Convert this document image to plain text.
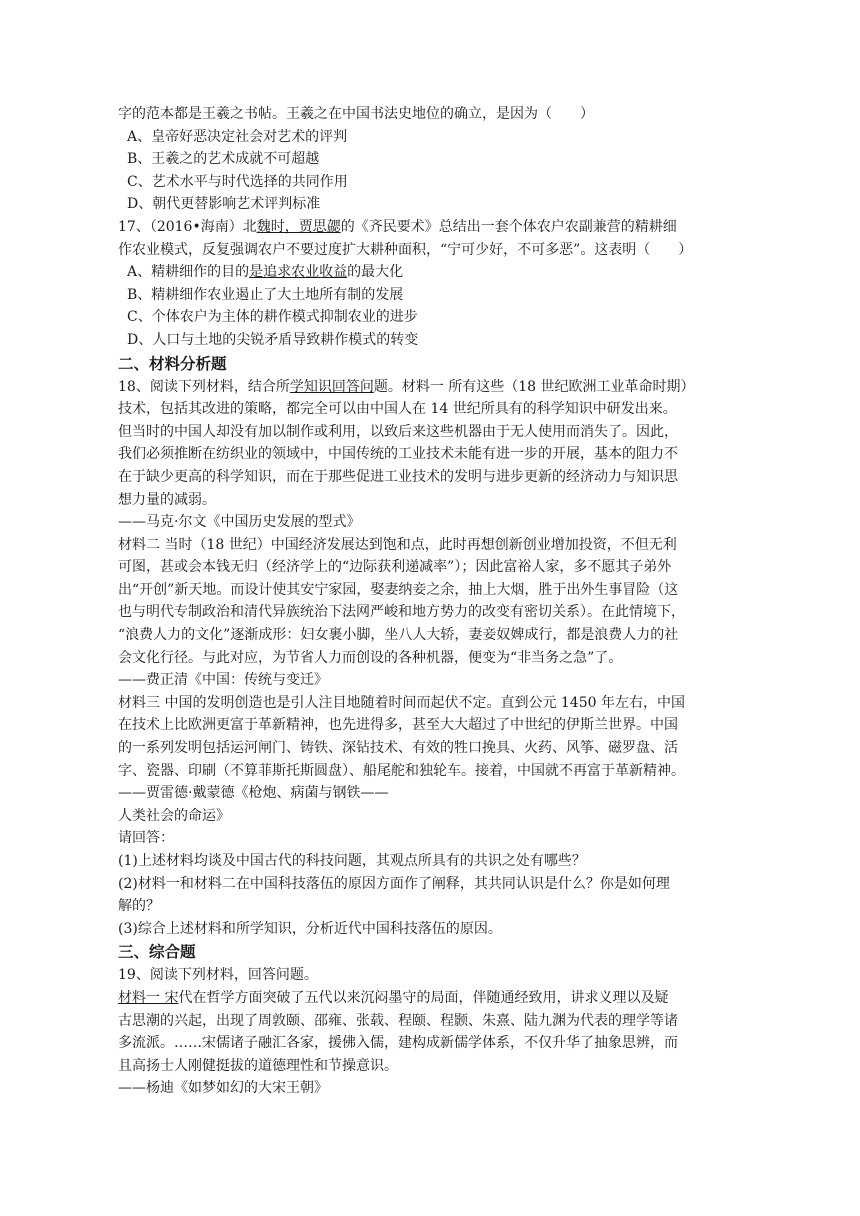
字的范本都是王羲之书帖。王羲之在中国书法史地位的确立，是因为（　　）

A、皇帝好恶决定社会对艺术的评判

B、王羲之的艺术成就不可超越

C、艺术水平与时代选择的共同作用

D、朝代更替影响艺术评判标准

17、（2016•海南）北魏时，贾思勰的《齐民要术》总结出一套个体农户农副兼营的精耕细

作农业模式，反复强调农户不要过度扩大耕种面积，“宁可少好，不可多恶”。这表明（　　）

A、精耕细作的目的是追求农业收益的最大化

B、精耕细作农业遏止了大土地所有制的发展

C、个体农户为主体的耕作模式抑制农业的进步

D、人口与土地的尖锐矛盾导致耕作模式的转变

二、材料分析题

18、阅读下列材料，结合所学知识回答问题。材料一 所有这些（18 世纪欧洲工业革命时期）

技术，包括其改进的策略，都完全可以由中国人在 14 世纪所具有的科学知识中研发出来。

但当时的中国人却没有加以制作或利用，以致后来这些机器由于无人使用而消失了。因此，

我们必须推断在纺织业的领域中，中国传统的工业技术未能有进一步的开展，基本的阻力不

在于缺少更高的科学知识，而在于那些促进工业技术的发明与进步更新的经济动力与知识思

想力量的减弱。

——马克·尔文《中国历史发展的型式》

材料二 当时（18 世纪）中国经济发展达到饱和点，此时再想创新创业增加投资，不但无利

可图，甚或会本钱无归（经济学上的“边际获利递减率”）；因此富裕人家，多不愿其子弟外

出“开创”新天地。而设计使其安宁家园，娶妻纳妾之余，抽上大烟，胜于出外生事冒险（这

也与明代专制政治和清代异族统治下法网严峻和地方势力的改变有密切关系）。在此情境下，

“浪费人力的文化”逐渐成形：妇女裹小脚，坐八人大轿，妻妾奴婢成行，都是浪费人力的社

会文化行径。与此对应，为节省人力而创设的各种机器，便变为“非当务之急”了。

——费正清《中国：传统与变迁》

材料三 中国的发明创造也是引人注目地随着时间而起伏不定。直到公元 1450 年左右，中国

在技术上比欧洲更富于革新精神，也先进得多，甚至大大超过了中世纪的伊斯兰世界。中国

的一系列发明包括运河闸门、铸铁、深钻技术、有效的牲口挽具、火药、风筝、磁罗盘、活

字、瓷器、印刷（不算菲斯托斯圆盘）、船尾舵和独轮车。接着，中国就不再富于革新精神。

——贾雷德·戴蒙德《枪炮、病菌与钢铁——

人类社会的命运》

请回答：

(1)上述材料均谈及中国古代的科技问题，其观点所具有的共识之处有哪些？

(2)材料一和材料二在中国科技落伍的原因方面作了阐释，其共同认识是什么？你是如何理

解的？

(3)综合上述材料和所学知识，分析近代中国科技落伍的原因。

三、综合题

19、阅读下列材料，回答问题。

材料一 宋代在哲学方面突破了五代以来沉闷墨守的局面，伴随通经致用，讲求义理以及疑

古思潮的兴起，出现了周敦颐、邵雍、张载、程颐、程颢、朱熹、陆九渊为代表的理学等诸

多流派。……宋儒诸子融汇各家，援佛入儒，建构成新儒学体系，不仅升华了抽象思辨，而

且高扬士人刚健挺拔的道德理性和节操意识。

——杨迪《如梦如幻的大宋王朝》
